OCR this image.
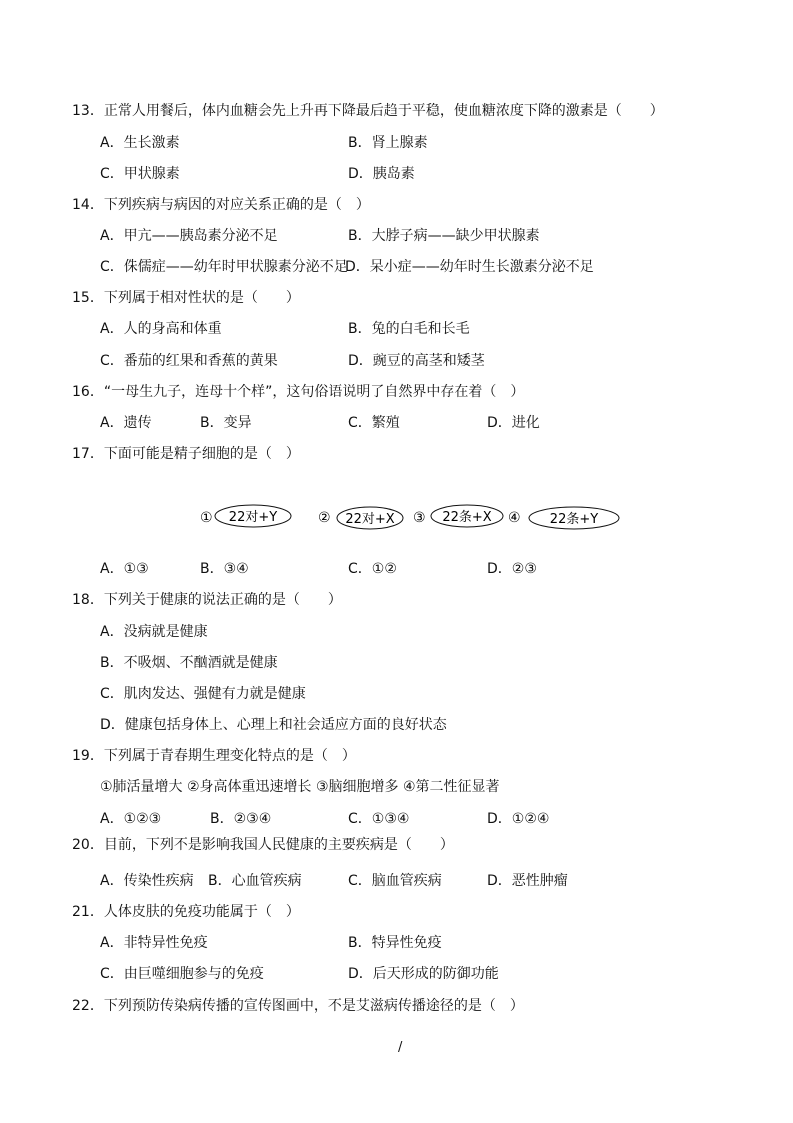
13．正常人用餐后，体内血糖会先上升再下降最后趋于平稳，使血糖浓度下降的激素是（　　）
A．生长激素	B．肾上腺素
C．甲状腺素	D．胰岛素
14．下列疾病与病因的对应关系正确的是（　）
A．甲亢——胰岛素分泌不足	B．大脖子病——缺少甲状腺素
C．侏儒症——幼年时甲状腺素分泌不足
D．呆小症——幼年时生长激素分泌不足
15．下列属于相对性状的是（　　）
A．人的身高和体重	B．兔的白毛和长毛
C．番茄的红果和香蕉的黄果	D．豌豆的高茎和矮茎
16．“一母生九子，连母十个样”，这句俗语说明了自然界中存在着（　）
A．遗传	B．变异	C．繁殖	D．进化
17．下面可能是精子细胞的是（　）
① 22对+Y	② 22对+X ③ 22条+X ④ 22条+Y
A．①③	B．③④	C．①②	D．②③
18．下列关于健康的说法正确的是（　　）
A．没病就是健康
B．不吸烟、不酗酒就是健康
C．肌肉发达、强健有力就是健康
D．健康包括身体上、心理上和社会适应方面的良好状态
19．下列属于青春期生理变化特点的是（　）
①肺活量增大 ②身高体重迅速增长 ③脑细胞增多 ④第二性征显著
A．①②③	B．②③④	C．①③④	D．①②④
20．目前，下列不是影响我国人民健康的主要疾病是（　　）
A．传染性疾病 B．心血管疾病	C．脑血管疾病	D．恶性肿瘤
21．人体皮肤的免疫功能属于（　）
A．非特异性免疫	B．特异性免疫
C．由巨噬细胞参与的免疫	D．后天形成的防御功能
22．下列预防传染病传播的宣传图画中，不是艾滋病传播途径的是（　）
/
